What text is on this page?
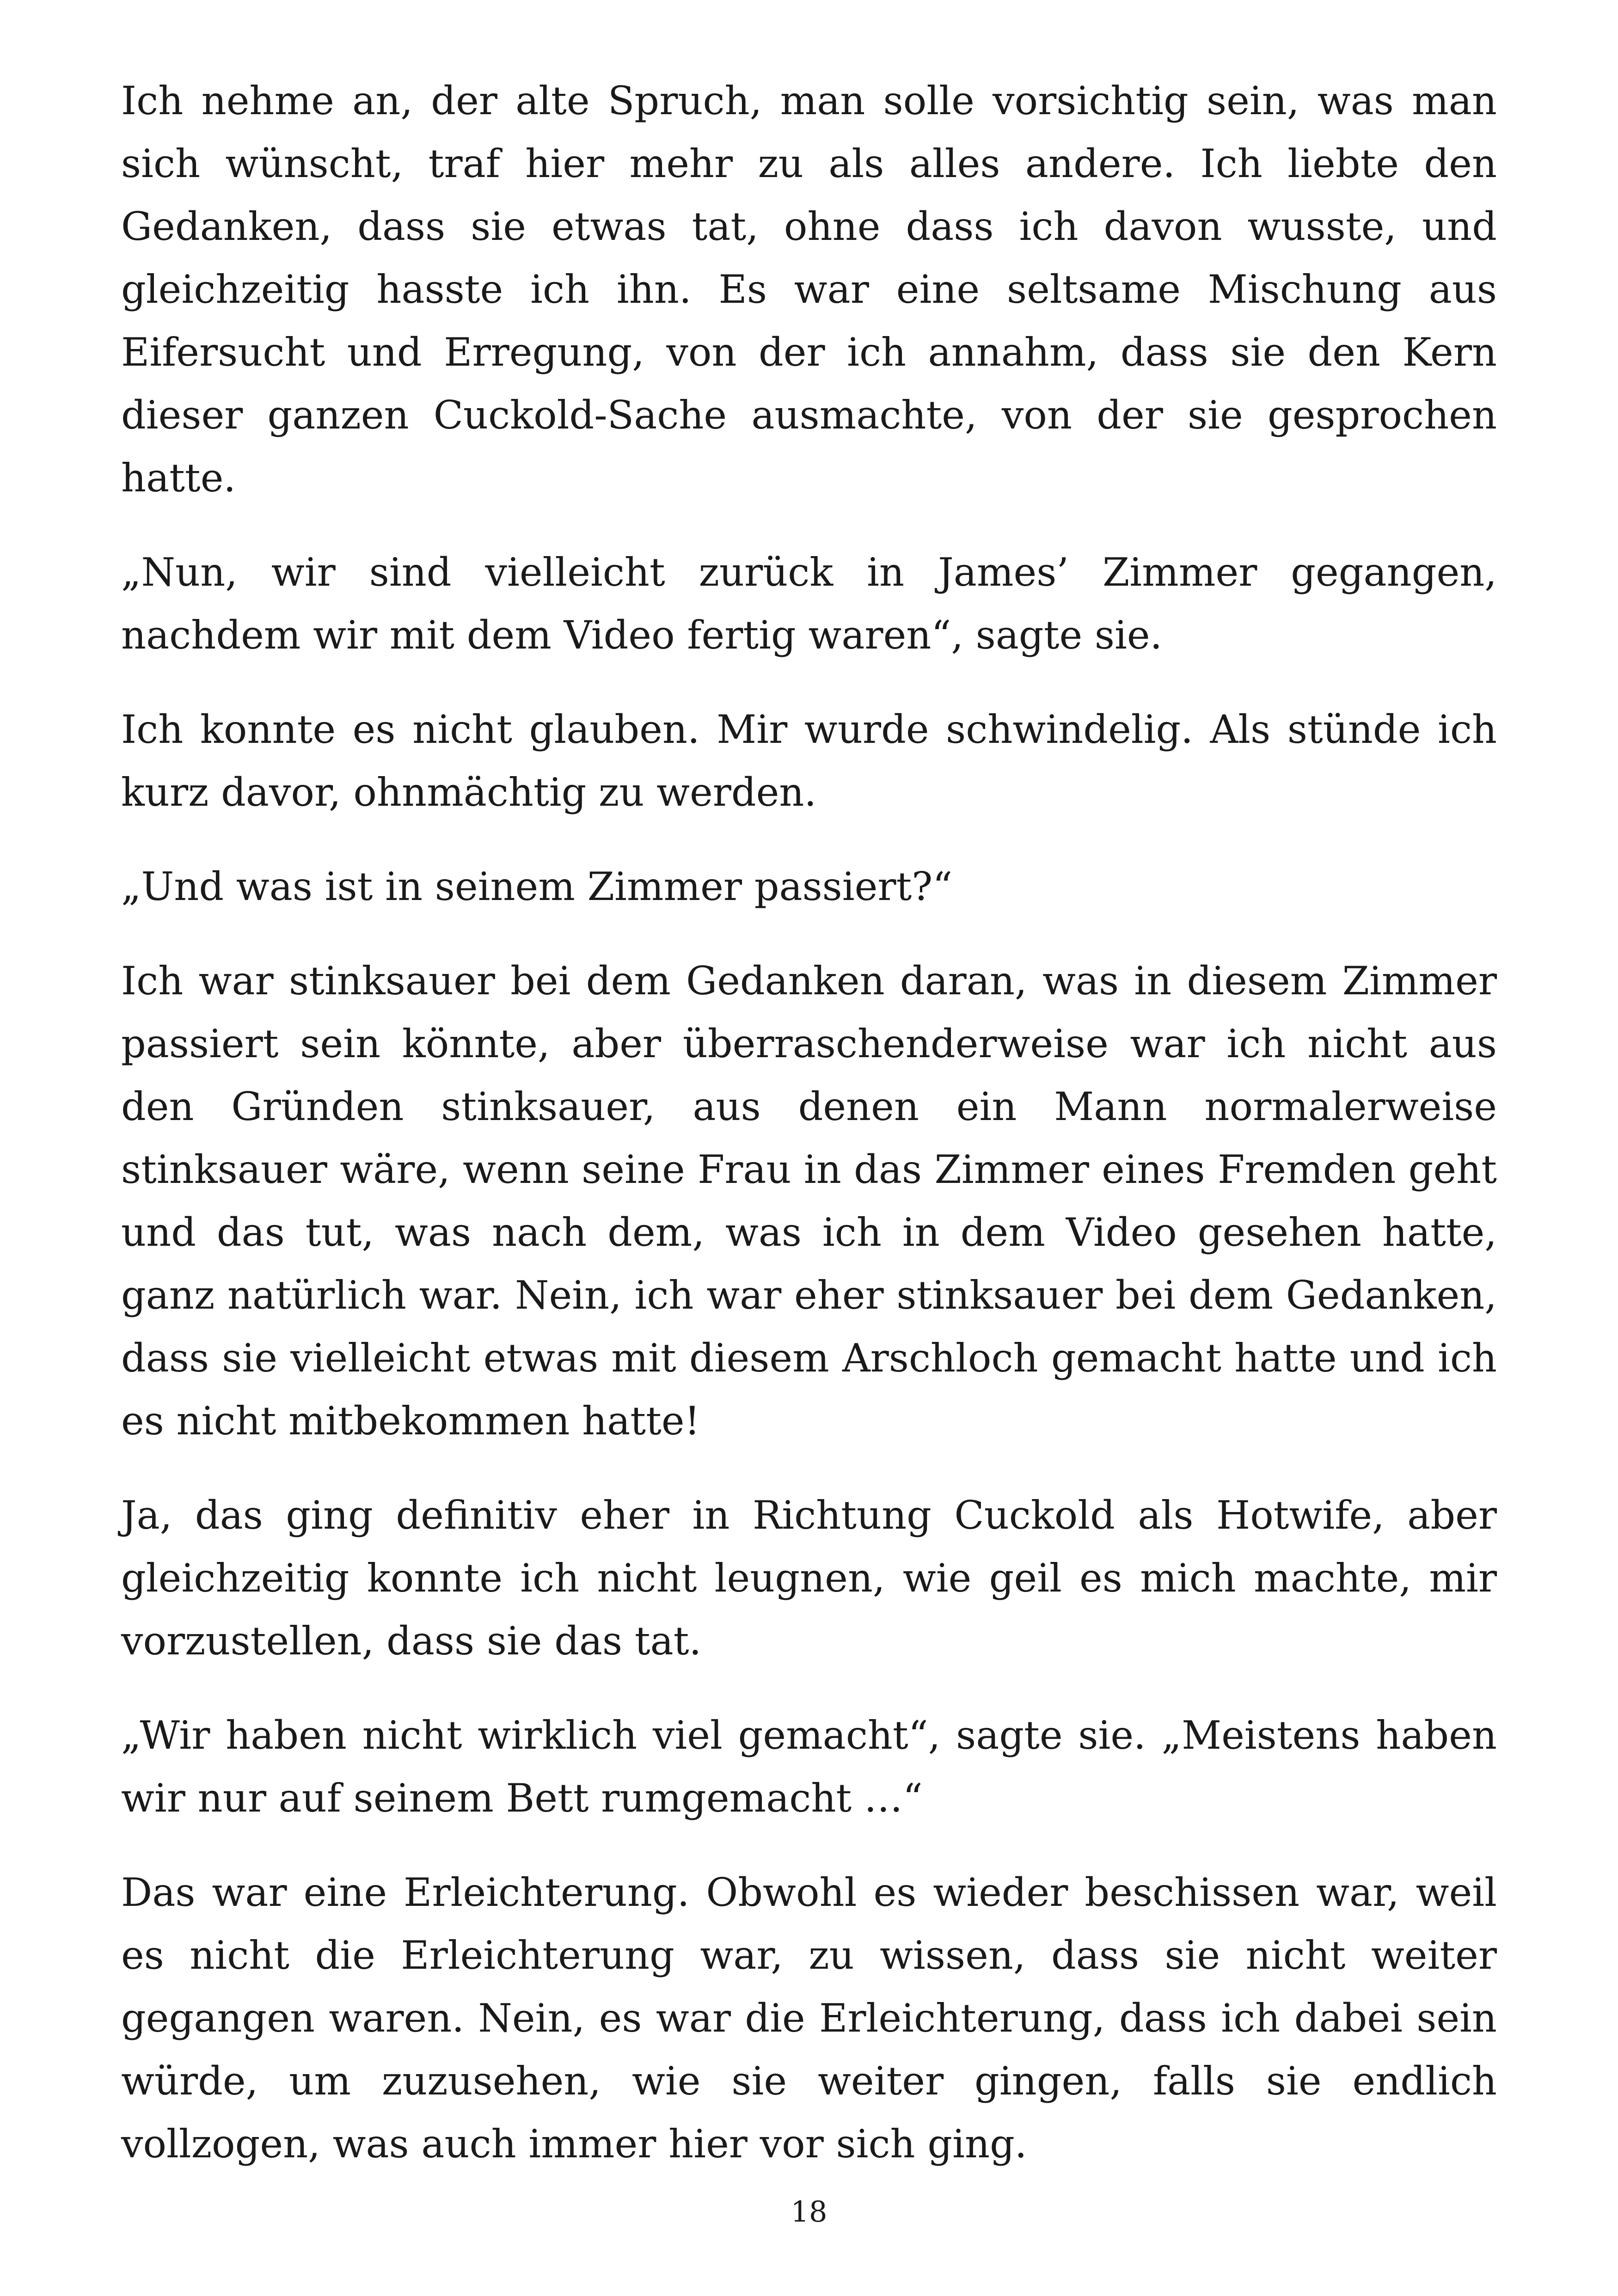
Ich nehme an, der alte Spruch, man solle vorsichtig sein, was man sich wünscht, traf hier mehr zu als alles andere. Ich liebte den Gedanken, dass sie etwas tat, ohne dass ich davon wusste, und gleichzeitig hasste ich ihn. Es war eine seltsame Mischung aus Eifersucht und Erregung, von der ich annahm, dass sie den Kern dieser ganzen Cuckold-Sache ausmachte, von der sie gesprochen hatte.

„Nun, wir sind vielleicht zurück in James’ Zimmer gegangen, nachdem wir mit dem Video fertig waren“, sagte sie.

Ich konnte es nicht glauben. Mir wurde schwindelig. Als stünde ich kurz davor, ohnmächtig zu werden.

„Und was ist in seinem Zimmer passiert?“

Ich war stinksauer bei dem Gedanken daran, was in diesem Zimmer passiert sein könnte, aber überraschenderweise war ich nicht aus den Gründen stinksauer, aus denen ein Mann normalerweise stinksauer wäre, wenn seine Frau in das Zimmer eines Fremden geht und das tut, was nach dem, was ich in dem Video gesehen hatte, ganz natürlich war. Nein, ich war eher stinksauer bei dem Gedanken, dass sie vielleicht etwas mit diesem Arschloch gemacht hatte und ich es nicht mitbekommen hatte!

Ja, das ging definitiv eher in Richtung Cuckold als Hotwife, aber gleichzeitig konnte ich nicht leugnen, wie geil es mich machte, mir vorzustellen, dass sie das tat.

„Wir haben nicht wirklich viel gemacht“, sagte sie. „Meistens haben wir nur auf seinem Bett rumgemacht …“

Das war eine Erleichterung. Obwohl es wieder beschissen war, weil es nicht die Erleichterung war, zu wissen, dass sie nicht weiter gegangen waren. Nein, es war die Erleichterung, dass ich dabei sein würde, um zuzusehen, wie sie weiter gingen, falls sie endlich vollzogen, was auch immer hier vor sich ging.

18
